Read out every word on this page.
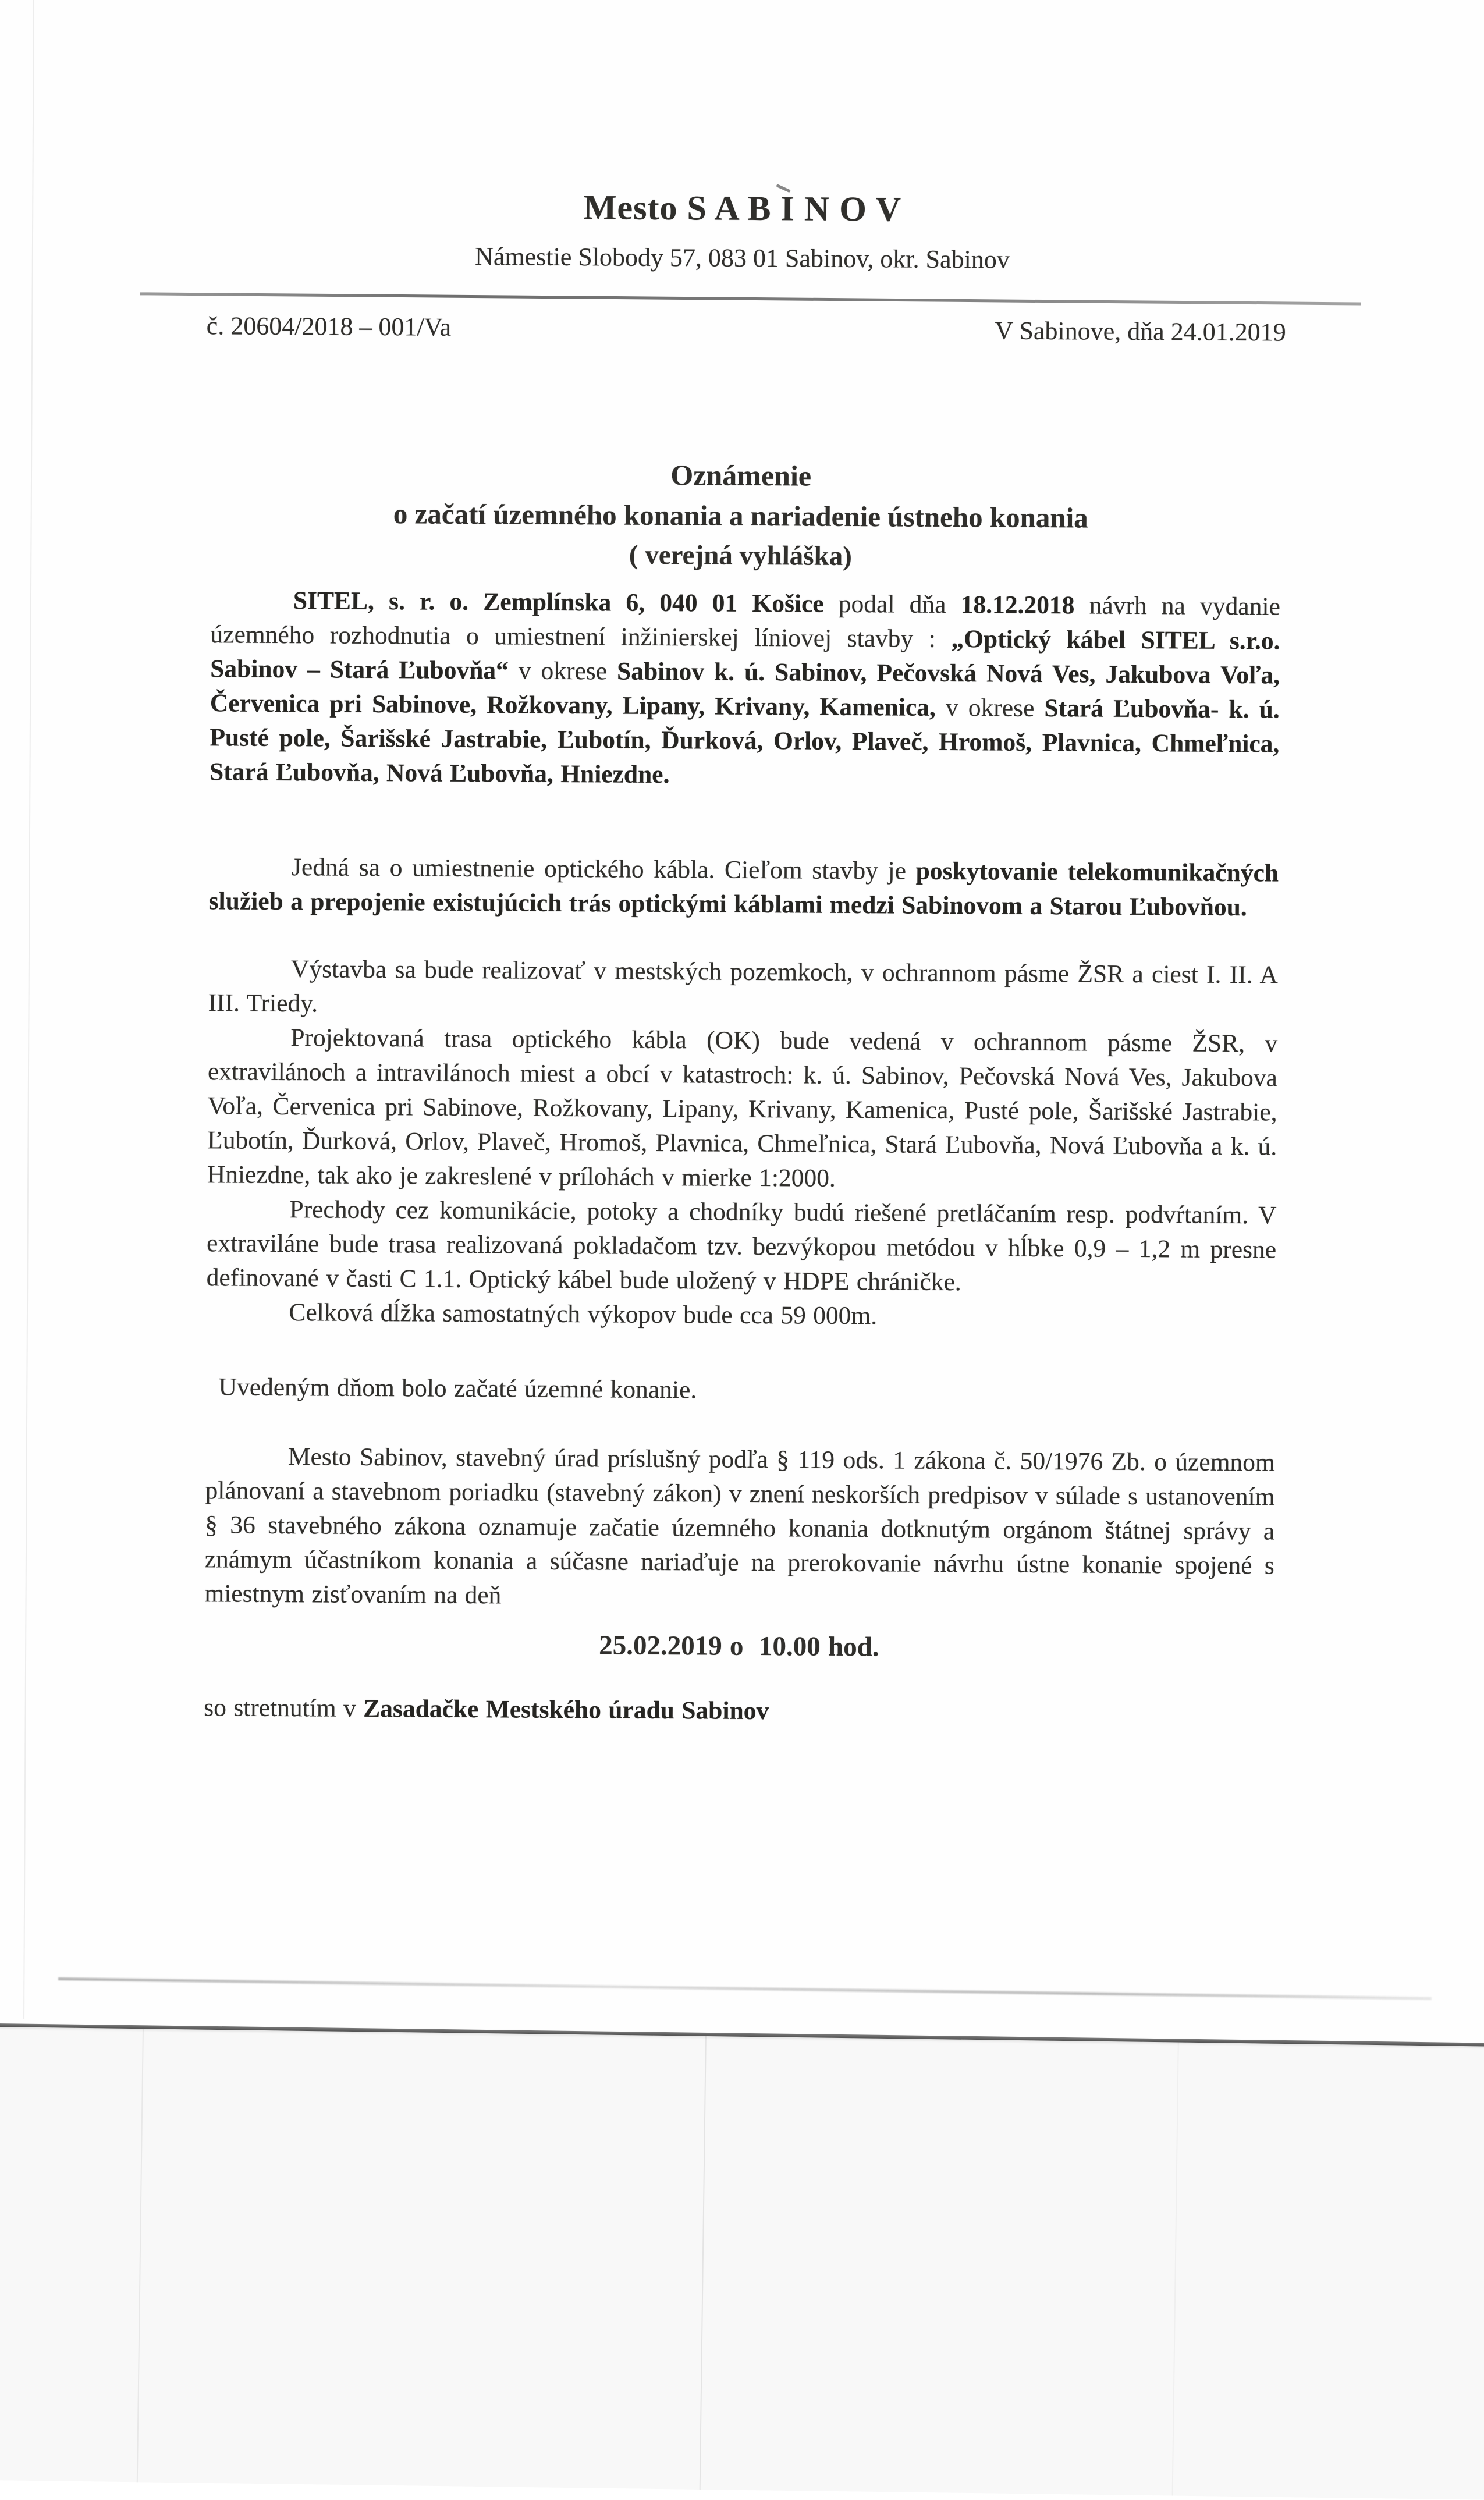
Mesto S A B I N O V
Námestie Slobody 57, 083 01 Sabinov, okr. Sabinov
č. 20604/2018 – 001/Va	V Sabinove, dňa 24.01.2019
Oznámenie
o začatí územného konania a nariadenie ústneho konania
( verejná vyhláška)

SITEL, s. r. o. Zemplínska 6, 040 01 Košice podal dňa 18.12.2018 návrh na vydanie územného rozhodnutia o umiestnení inžinierskej líniovej stavby : „Optický kábel SITEL s.r.o. Sabinov – Stará Ľubovňa“ v okrese Sabinov k. ú. Sabinov, Pečovská Nová Ves, Jakubova Voľa, Červenica pri Sabinove, Rožkovany, Lipany, Krivany, Kamenica, v okrese Stará Ľubovňa- k. ú. Pusté pole, Šarišské Jastrabie, Ľubotín, Ďurková, Orlov, Plaveč, Hromoš, Plavnica, Chmeľnica, Stará Ľubovňa, Nová Ľubovňa, Hniezdne.

Jedná sa o umiestnenie optického kábla. Cieľom stavby je poskytovanie telekomunikačných služieb a prepojenie existujúcich trás optickými káblami medzi Sabinovom a Starou Ľubovňou.

Výstavba sa bude realizovať v mestských pozemkoch, v ochrannom pásme ŽSR a ciest I. II. A III. Triedy.

Projektovaná trasa optického kábla (OK) bude vedená v ochrannom pásme ŽSR, v extravilánoch a intravilánoch miest a obcí v katastroch: k. ú. Sabinov, Pečovská Nová Ves, Jakubova Voľa, Červenica pri Sabinove, Rožkovany, Lipany, Krivany, Kamenica, Pusté pole, Šarišské Jastrabie, Ľubotín, Ďurková, Orlov, Plaveč, Hromoš, Plavnica, Chmeľnica, Stará Ľubovňa, Nová Ľubovňa a k. ú. Hniezdne, tak ako je zakreslené v prílohách v mierke 1:2000.

Prechody cez komunikácie, potoky a chodníky budú riešené pretláčaním resp. podvŕtaním. V extraviláne bude trasa realizovaná pokladačom tzv. bezvýkopou metódou v hĺbke 0,9 – 1,2 m presne definované v časti C 1.1. Optický kábel bude uložený v HDPE chráničke.

Celková dĺžka samostatných výkopov bude cca 59 000m.

Uvedeným dňom bolo začaté územné konanie.

Mesto Sabinov, stavebný úrad príslušný podľa § 119 ods. 1 zákona č. 50/1976 Zb. o územnom plánovaní a stavebnom poriadku (stavebný zákon) v znení neskorších predpisov v súlade s ustanovením § 36 stavebného zákona oznamuje začatie územného konania dotknutým orgánom štátnej správy a známym účastníkom konania a súčasne nariaďuje na prerokovanie návrhu ústne konanie spojené s miestnym zisťovaním na deň

25.02.2019 o  10.00 hod.

so stretnutím v Zasadačke Mestského úradu Sabinov
